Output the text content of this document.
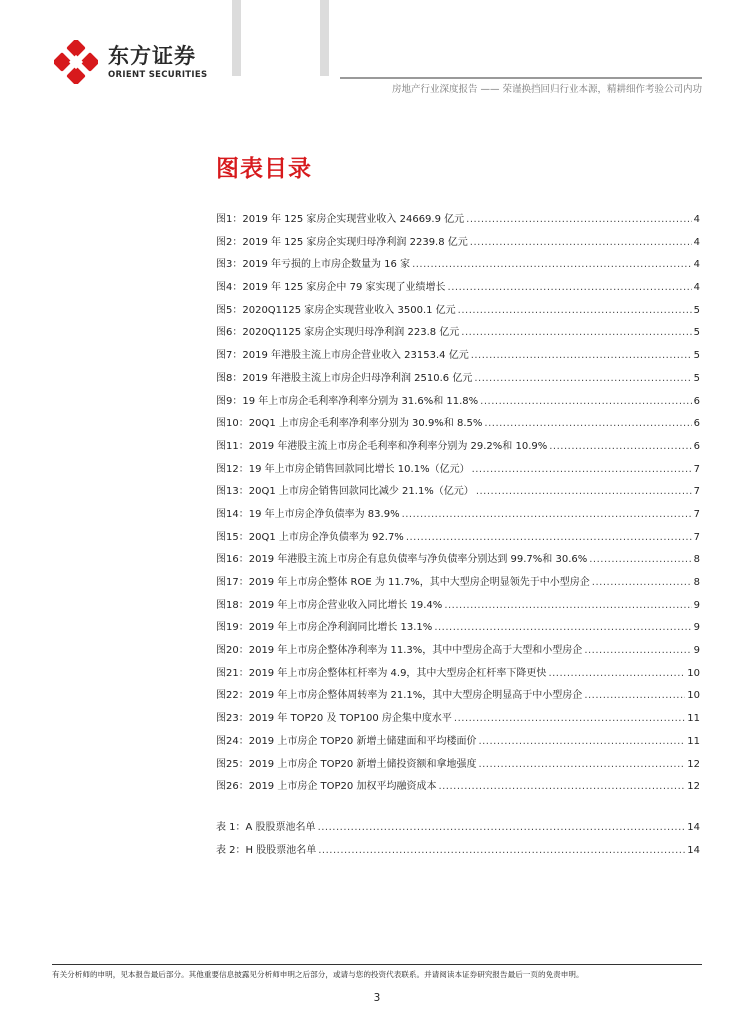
东方证券
ORIENT SECURITIES
房地产行业深度报告 —— 荣谨换挡回归行业本源，精耕细作考验公司内功
图表目录
图1：2019 年 125 家房企实现营业收入 24669.9 亿元 .....	4
图2：2019 年 125 家房企实现归母净利润 2239.8 亿元 .....	4
图3：2019 年亏损的上市房企数量为 16 家 .....	4
图4：2019 年 125 家房企中 79 家实现了业绩增长 .....	4
图5：2020Q1125 家房企实现营业收入 3500.1 亿元 .....	5
图6：2020Q1125 家房企实现归母净利润 223.8 亿元 .....	5
图7：2019 年港股主流上市房企营业收入 23153.4 亿元 .....	5
图8：2019 年港股主流上市房企归母净利润 2510.6 亿元 .....	5
图9：19 年上市房企毛利率净利率分别为 31.6%和 11.8% .....	6
图10：20Q1 上市房企毛利率净利率分别为 30.9%和 8.5% .....	6
图11：2019 年港股主流上市房企毛利率和净利率分别为 29.2%和 10.9% .....	6
图12：19 年上市房企销售回款同比增长 10.1%（亿元） .....	7
图13：20Q1 上市房企销售回款同比减少 21.1%（亿元） .....	7
图14：19 年上市房企净负债率为 83.9% .....	7
图15：20Q1 上市房企净负债率为 92.7% .....	7
图16：2019 年港股主流上市房企有息负债率与净负债率分别达到 99.7%和 30.6% .....	8
图17：2019 年上市房企整体 ROE 为 11.7%，其中大型房企明显领先于中小型房企 .....	8
图18：2019 年上市房企营业收入同比增长 19.4% .....	9
图19：2019 年上市房企净利润同比增长 13.1% .....	9
图20：2019 年上市房企整体净利率为 11.3%，其中中型房企高于大型和小型房企 .....	9
图21：2019 年上市房企整体杠杆率为 4.9，其中大型房企杠杆率下降更快 .....	10
图22：2019 年上市房企整体周转率为 21.1%，其中大型房企明显高于中小型房企 .....	10
图23：2019 年 TOP20 及 TOP100 房企集中度水平 .....	11
图24：2019 上市房企 TOP20 新增土储建面和平均楼面价 .....	11
图25：2019 上市房企 TOP20 新增土储投资额和拿地强度 .....	12
图26：2019 上市房企 TOP20 加权平均融资成本 .....	12
表 1：A 股股票池名单 .....	14
表 2：H 股股票池名单 .....	14
有关分析师的申明，见本报告最后部分。其他重要信息披露见分析师申明之后部分，或请与您的投资代表联系。并请阅读本证券研究报告最后一页的免责申明。
3
